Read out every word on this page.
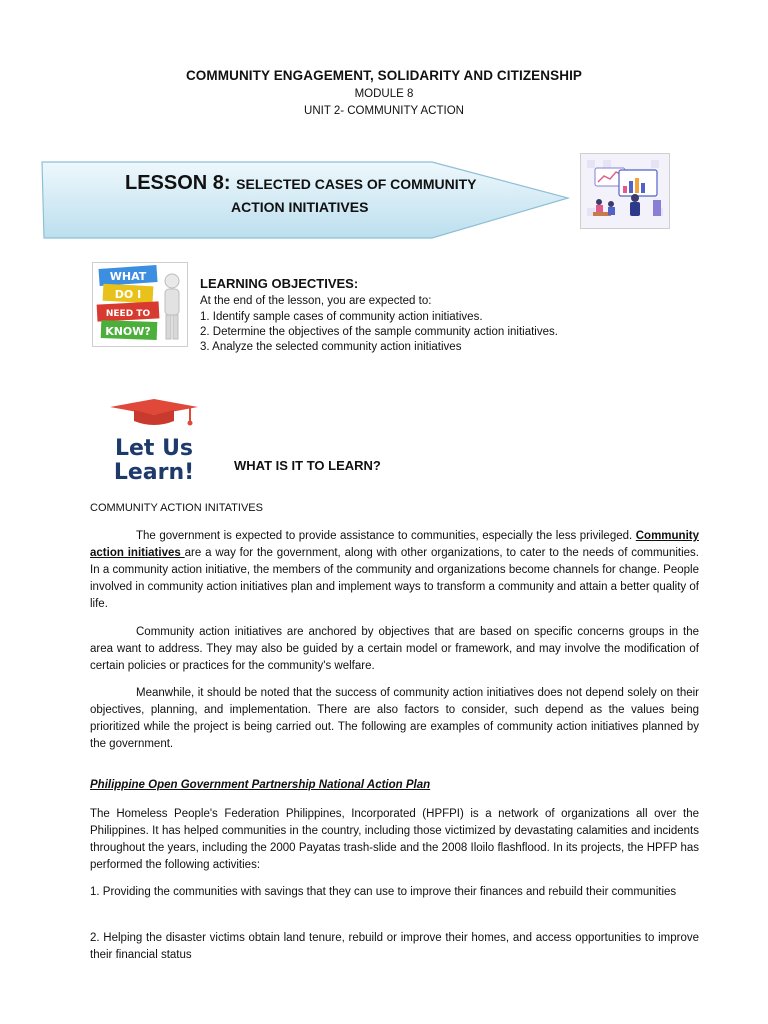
COMMUNITY ENGAGEMENT, SOLIDARITY AND CITIZENSHIP
MODULE 8
UNIT 2- COMMUNITY ACTION
LESSON 8: SELECTED CASES OF COMMUNITY
ACTION INITIATIVES
WHAT
DO I
NEED TO
KNOW?
LEARNING OBJECTIVES:
At the end of the lesson, you are expected to:
1. Identify sample cases of community action initiatives.
2. Determine the objectives of the sample community action initiatives.
3. Analyze the selected community action initiatives
Let Us
Learn!	WHAT IS IT TO LEARN?
COMMUNITY ACTION INITATIVES
The government is expected to provide assistance to communities, especially the less privileged. Community action initiatives are a way for the government, along with other organizations, to cater to the needs of communities. In a community action initiative, the members of the community and organizations become channels for change. People involved in community action initiatives plan and implement ways to transform a community and attain a better quality of life.
Community action initiatives are anchored by objectives that are based on specific concerns groups in the area want to address. They may also be guided by a certain model or framework, and may involve the modification of certain policies or practices for the community's welfare.
Meanwhile, it should be noted that the success of community action initiatives does not depend solely on their objectives, planning, and implementation. There are also factors to consider, such depend as the values being prioritized while the project is being carried out. The following are examples of community action initiatives planned by the government.
Philippine Open Government Partnership National Action Plan
The Homeless People's Federation Philippines, Incorporated (HPFPI) is a network of organizations all over the Philippines. It has helped communities in the country, including those victimized by devastating calamities and incidents throughout the years, including the 2000 Payatas trash-slide and the 2008 Iloilo flashflood. In its projects, the HPFP has performed the following activities:
1. Providing the communities with savings that they can use to improve their finances and rebuild their communities
2. Helping the disaster victims obtain land tenure, rebuild or improve their homes, and access opportunities to improve their financial status
